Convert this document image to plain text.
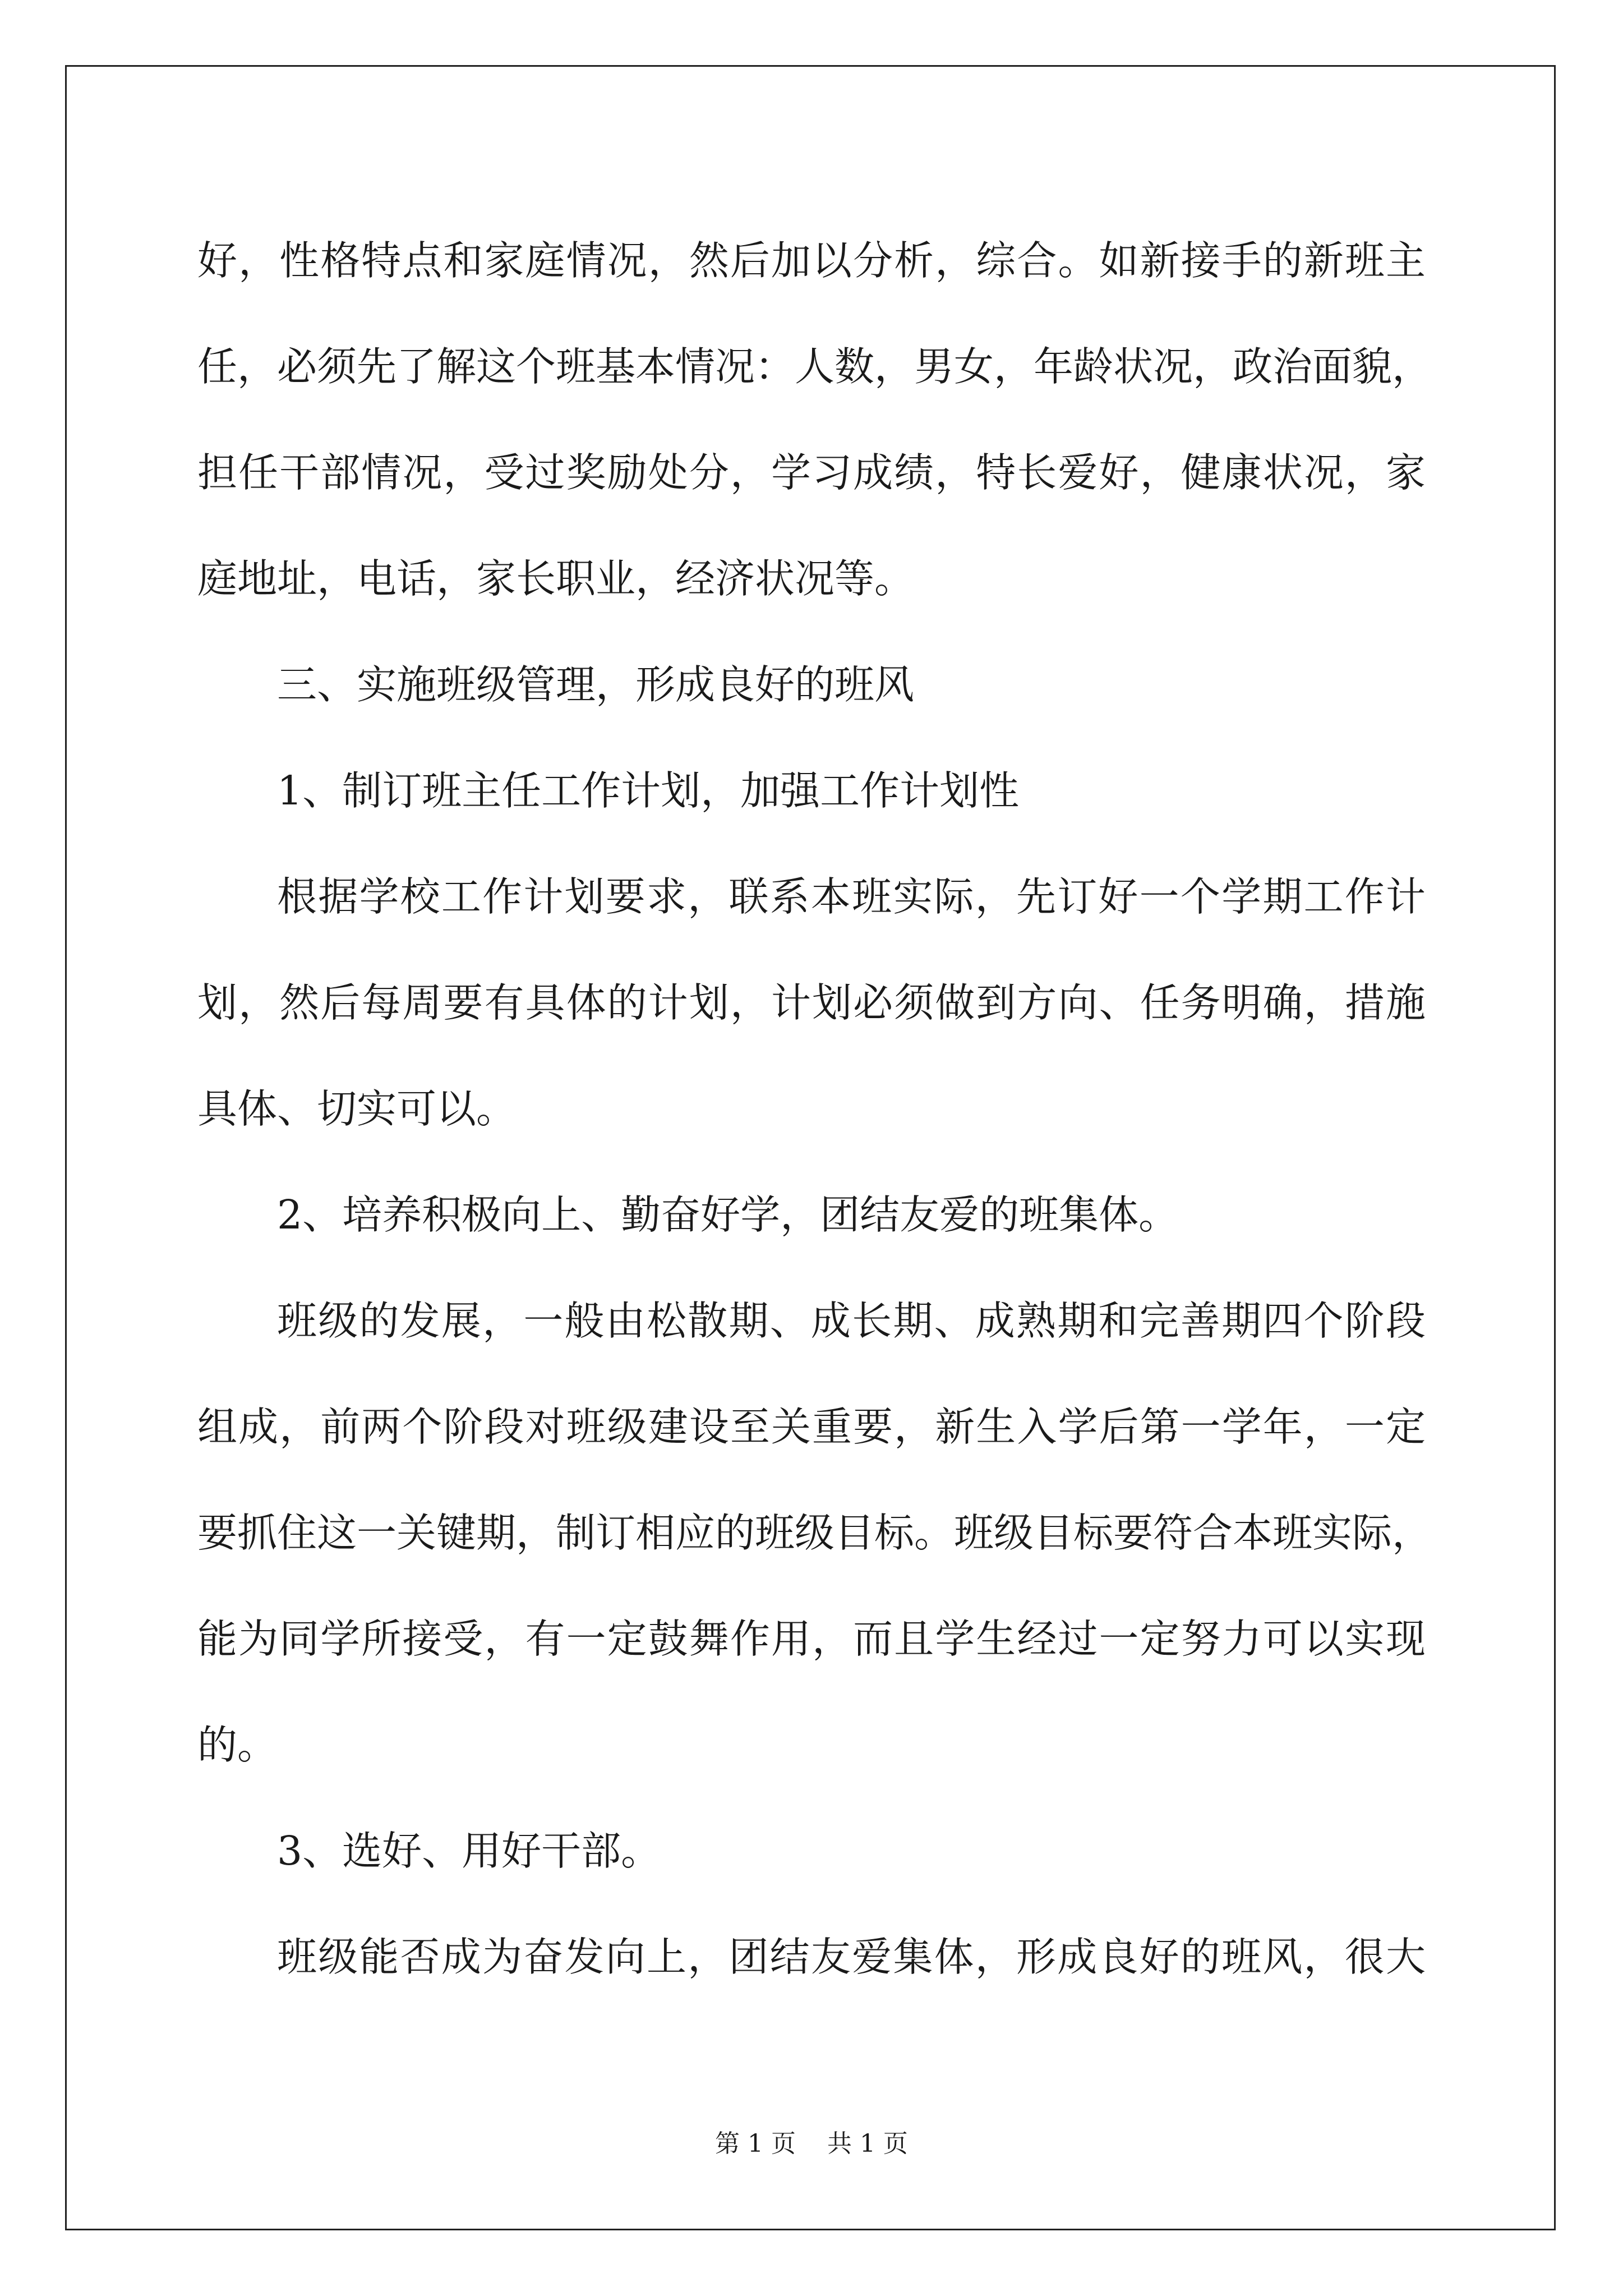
好，性格特点和家庭情况，然后加以分析，综合。如新接手的新班主

任，必须先了解这个班基本情况：人数，男女，年龄状况，政治面貌，

担任干部情况，受过奖励处分，学习成绩，特长爱好，健康状况，家

庭地址，电话，家长职业，经济状况等。

三、实施班级管理，形成良好的班风

1、制订班主任工作计划，加强工作计划性

根据学校工作计划要求，联系本班实际，先订好一个学期工作计

划，然后每周要有具体的计划，计划必须做到方向、任务明确，措施

具体、切实可以。

2、培养积极向上、勤奋好学，团结友爱的班集体。

班级的发展，一般由松散期、成长期、成熟期和完善期四个阶段

组成，前两个阶段对班级建设至关重要，新生入学后第一学年，一定

要抓住这一关键期，制订相应的班级目标。班级目标要符合本班实际，

能为同学所接受，有一定鼓舞作用，而且学生经过一定努力可以实现

的。

3、选好、用好干部。

班级能否成为奋发向上，团结友爱集体，形成良好的班风，很大

第 1 页    共 1 页
